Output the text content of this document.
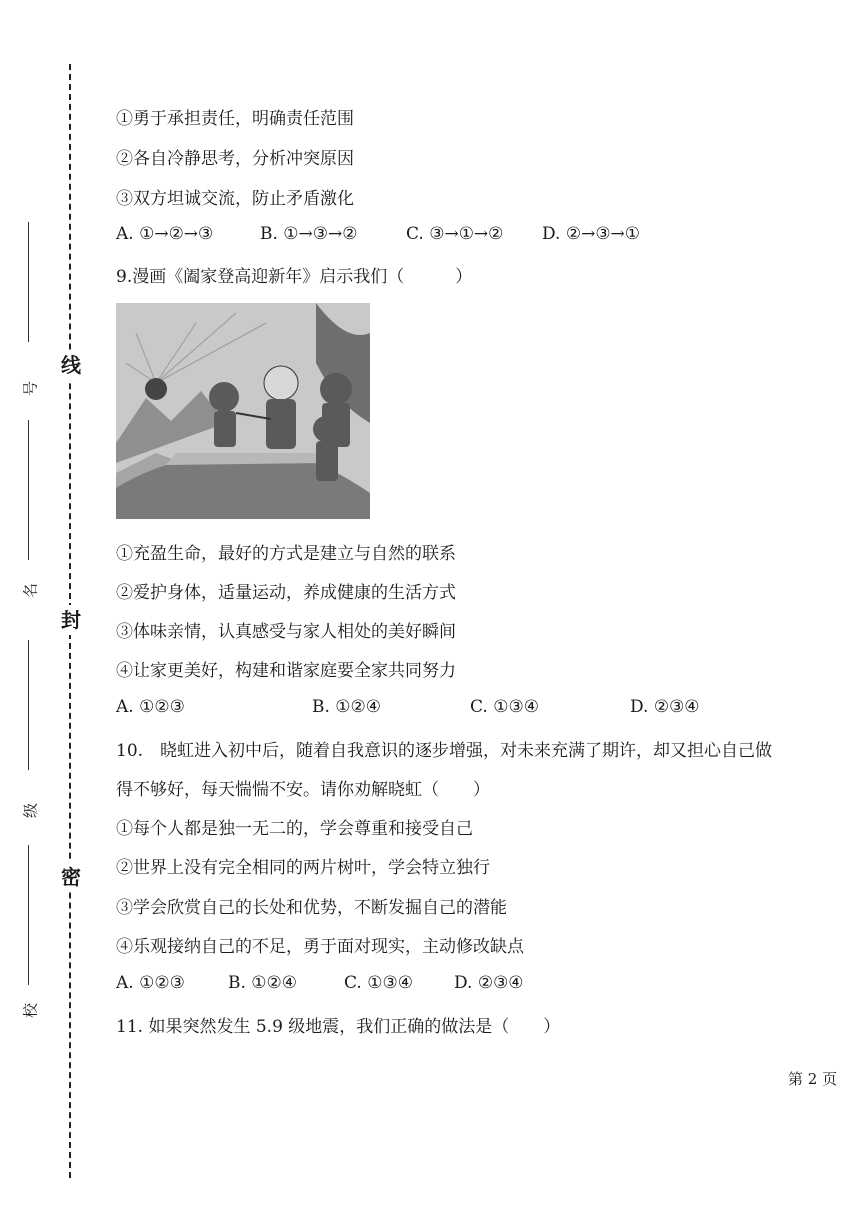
线
封
密
号
名
级
校
①勇于承担责任，明确责任范围
②各自冷静思考，分析冲突原因
③双方坦诚交流，防止矛盾激化
A. ①→②→③	B. ①→③→②	C. ③→①→② D. ②→③→①
9.漫画《阖家登高迎新年》启示我们（　　　）
①充盈生命，最好的方式是建立与自然的联系
②爱护身体，适量运动，养成健康的生活方式
③体味亲情，认真感受与家人相处的美好瞬间
④让家更美好，构建和谐家庭要全家共同努力
A. ①②③	B. ①②④	C. ①③④	D. ②③④
10.　晓虹进入初中后，随着自我意识的逐步增强，对未来充满了期许，却又担心自己做
得不够好，每天惴惴不安。请你劝解晓虹（　　）
①每个人都是独一无二的，学会尊重和接受自己
②世界上没有完全相同的两片树叶，学会特立独行
③学会欣赏自己的长处和优势，不断发掘自己的潜能
④乐观接纳自己的不足，勇于面对现实，主动修改缺点
A. ①②③	B. ①②④	C. ①③④ D. ②③④
11. 如果突然发生 5.9 级地震，我们正确的做法是（　　）
第 2 页
